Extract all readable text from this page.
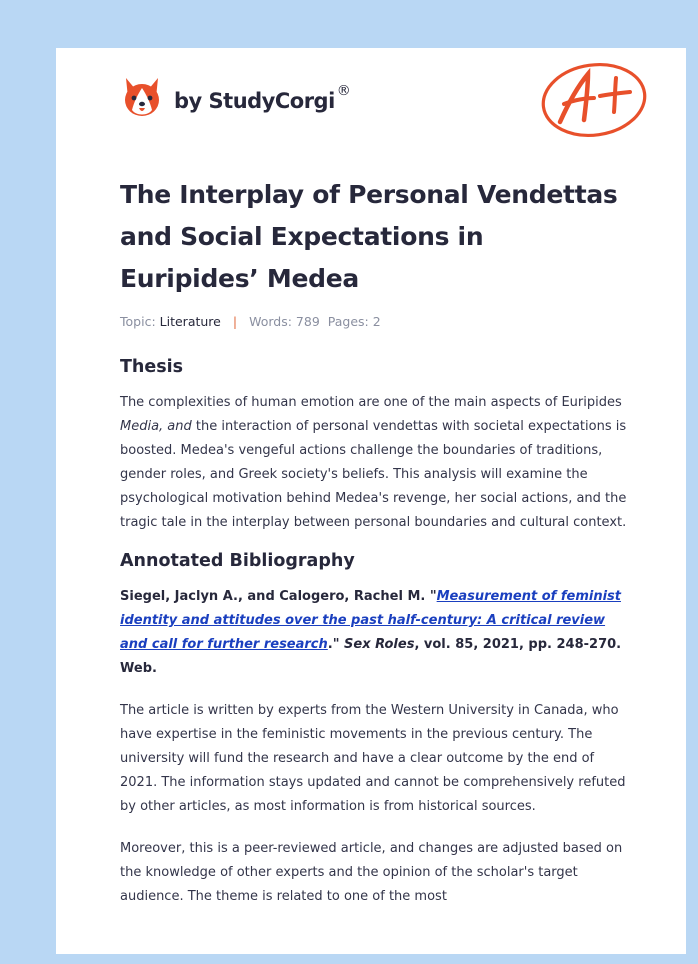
by StudyCorgi ®
The Interplay of Personal Vendettas and Social Expectations in Euripides’ Medea
Topic: Literature | Words: 789 Pages: 2
Thesis

The complexities of human emotion are one of the main aspects of Euripides Media, and the interaction of personal vendettas with societal expectations is boosted. Medea's vengeful actions challenge the boundaries of traditions, gender roles, and Greek society's beliefs. This analysis will examine the psychological motivation behind Medea's revenge, her social actions, and the tragic tale in the interplay between personal boundaries and cultural context.

Annotated Bibliography

Siegel, Jaclyn A., and Calogero, Rachel M. "Measurement of feminist identity and attitudes over the past half-century: A critical review and call for further research." Sex Roles, vol. 85, 2021, pp. 248-270. Web.

The article is written by experts from the Western University in Canada, who have expertise in the feministic movements in the previous century. The university will fund the research and have a clear outcome by the end of 2021. The information stays updated and cannot be comprehensively refuted by other articles, as most information is from historical sources.

Moreover, this is a peer-reviewed article, and changes are adjusted based on the knowledge of other experts and the opinion of the scholar's target audience. The theme is related to one of the most
